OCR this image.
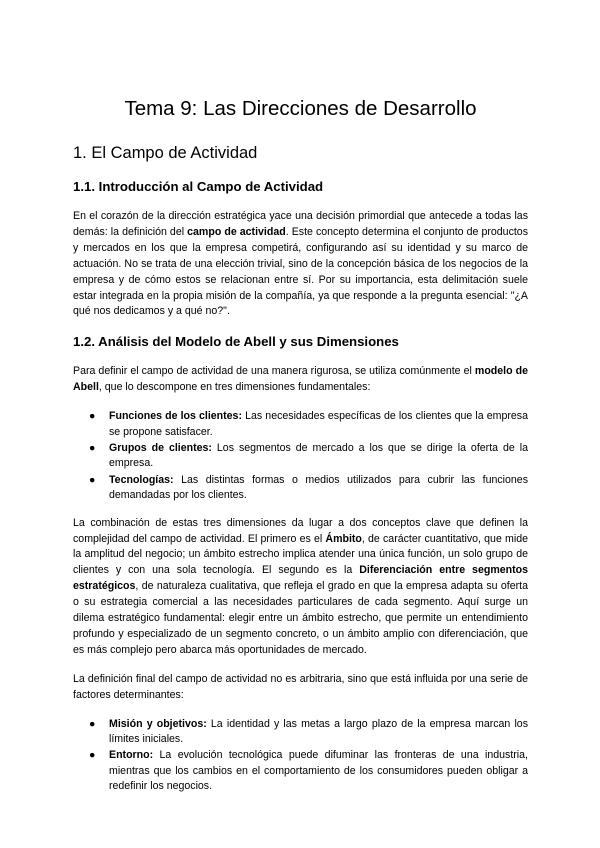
Tema 9: Las Direcciones de Desarrollo
1. El Campo de Actividad
1.1. Introducción al Campo de Actividad

En el corazón de la dirección estratégica yace una decisión primordial que antecede a todas las demás: la definición del campo de actividad. Este concepto determina el conjunto de productos y mercados en los que la empresa competirá, configurando así su identidad y su marco de actuación. No se trata de una elección trivial, sino de la concepción básica de los negocios de la empresa y de cómo estos se relacionan entre sí. Por su importancia, esta delimitación suele estar integrada en la propia misión de la compañía, ya que responde a la pregunta esencial: "¿A qué nos dedicamos y a qué no?".

1.2. Análisis del Modelo de Abell y sus Dimensiones

Para definir el campo de actividad de una manera rigurosa, se utiliza comúnmente el modelo de Abell, que lo descompone en tres dimensiones fundamentales:

●	Funciones de los clientes: Las necesidades específicas de los clientes que la empresa se propone satisfacer.
●	Grupos de clientes: Los segmentos de mercado a los que se dirige la oferta de la empresa.
●	Tecnologías: Las distintas formas o medios utilizados para cubrir las funciones demandadas por los clientes.

La combinación de estas tres dimensiones da lugar a dos conceptos clave que definen la complejidad del campo de actividad. El primero es el Ámbito, de carácter cuantitativo, que mide la amplitud del negocio; un ámbito estrecho implica atender una única función, un solo grupo de clientes y con una sola tecnología. El segundo es la Diferenciación entre segmentos estratégicos, de naturaleza cualitativa, que refleja el grado en que la empresa adapta su oferta o su estrategia comercial a las necesidades particulares de cada segmento. Aquí surge un dilema estratégico fundamental: elegir entre un ámbito estrecho, que permite un entendimiento profundo y especializado de un segmento concreto, o un ámbito amplio con diferenciación, que es más complejo pero abarca más oportunidades de mercado.

La definición final del campo de actividad no es arbitraria, sino que está influida por una serie de factores determinantes:

●	Misión y objetivos: La identidad y las metas a largo plazo de la empresa marcan los límites iniciales.
●	Entorno: La evolución tecnológica puede difuminar las fronteras de una industria, mientras que los cambios en el comportamiento de los consumidores pueden obligar a redefinir los negocios.
